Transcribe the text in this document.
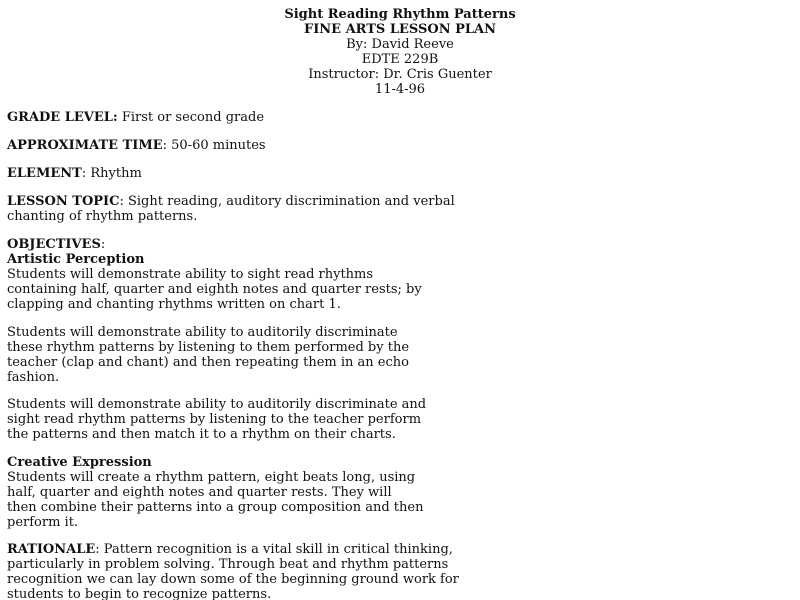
Sight Reading Rhythm Patterns
FINE ARTS LESSON PLAN
By: David Reeve
EDTE 229B
Instructor: Dr. Cris Guenter
11-4-96
GRADE LEVEL: First or second grade
APPROXIMATE TIME: 50-60 minutes
ELEMENT: Rhythm
LESSON TOPIC: Sight reading, auditory discrimination and verbal
chanting of rhythm patterns.
OBJECTIVES:
Artistic Perception
Students will demonstrate ability to sight read rhythms
containing half, quarter and eighth notes and quarter rests; by
clapping and chanting rhythms written on chart 1.
Students will demonstrate ability to auditorily discriminate
these rhythm patterns by listening to them performed by the
teacher (clap and chant) and then repeating them in an echo
fashion.
Students will demonstrate ability to auditorily discriminate and
sight read rhythm patterns by listening to the teacher perform
the patterns and then match it to a rhythm on their charts.
Creative Expression
Students will create a rhythm pattern, eight beats long, using
half, quarter and eighth notes and quarter rests. They will
then combine their patterns into a group composition and then
perform it.
RATIONALE: Pattern recognition is a vital skill in critical thinking,
particularly in problem solving. Through beat and rhythm patterns
recognition we can lay down some of the beginning ground work for
students to begin to recognize patterns.
